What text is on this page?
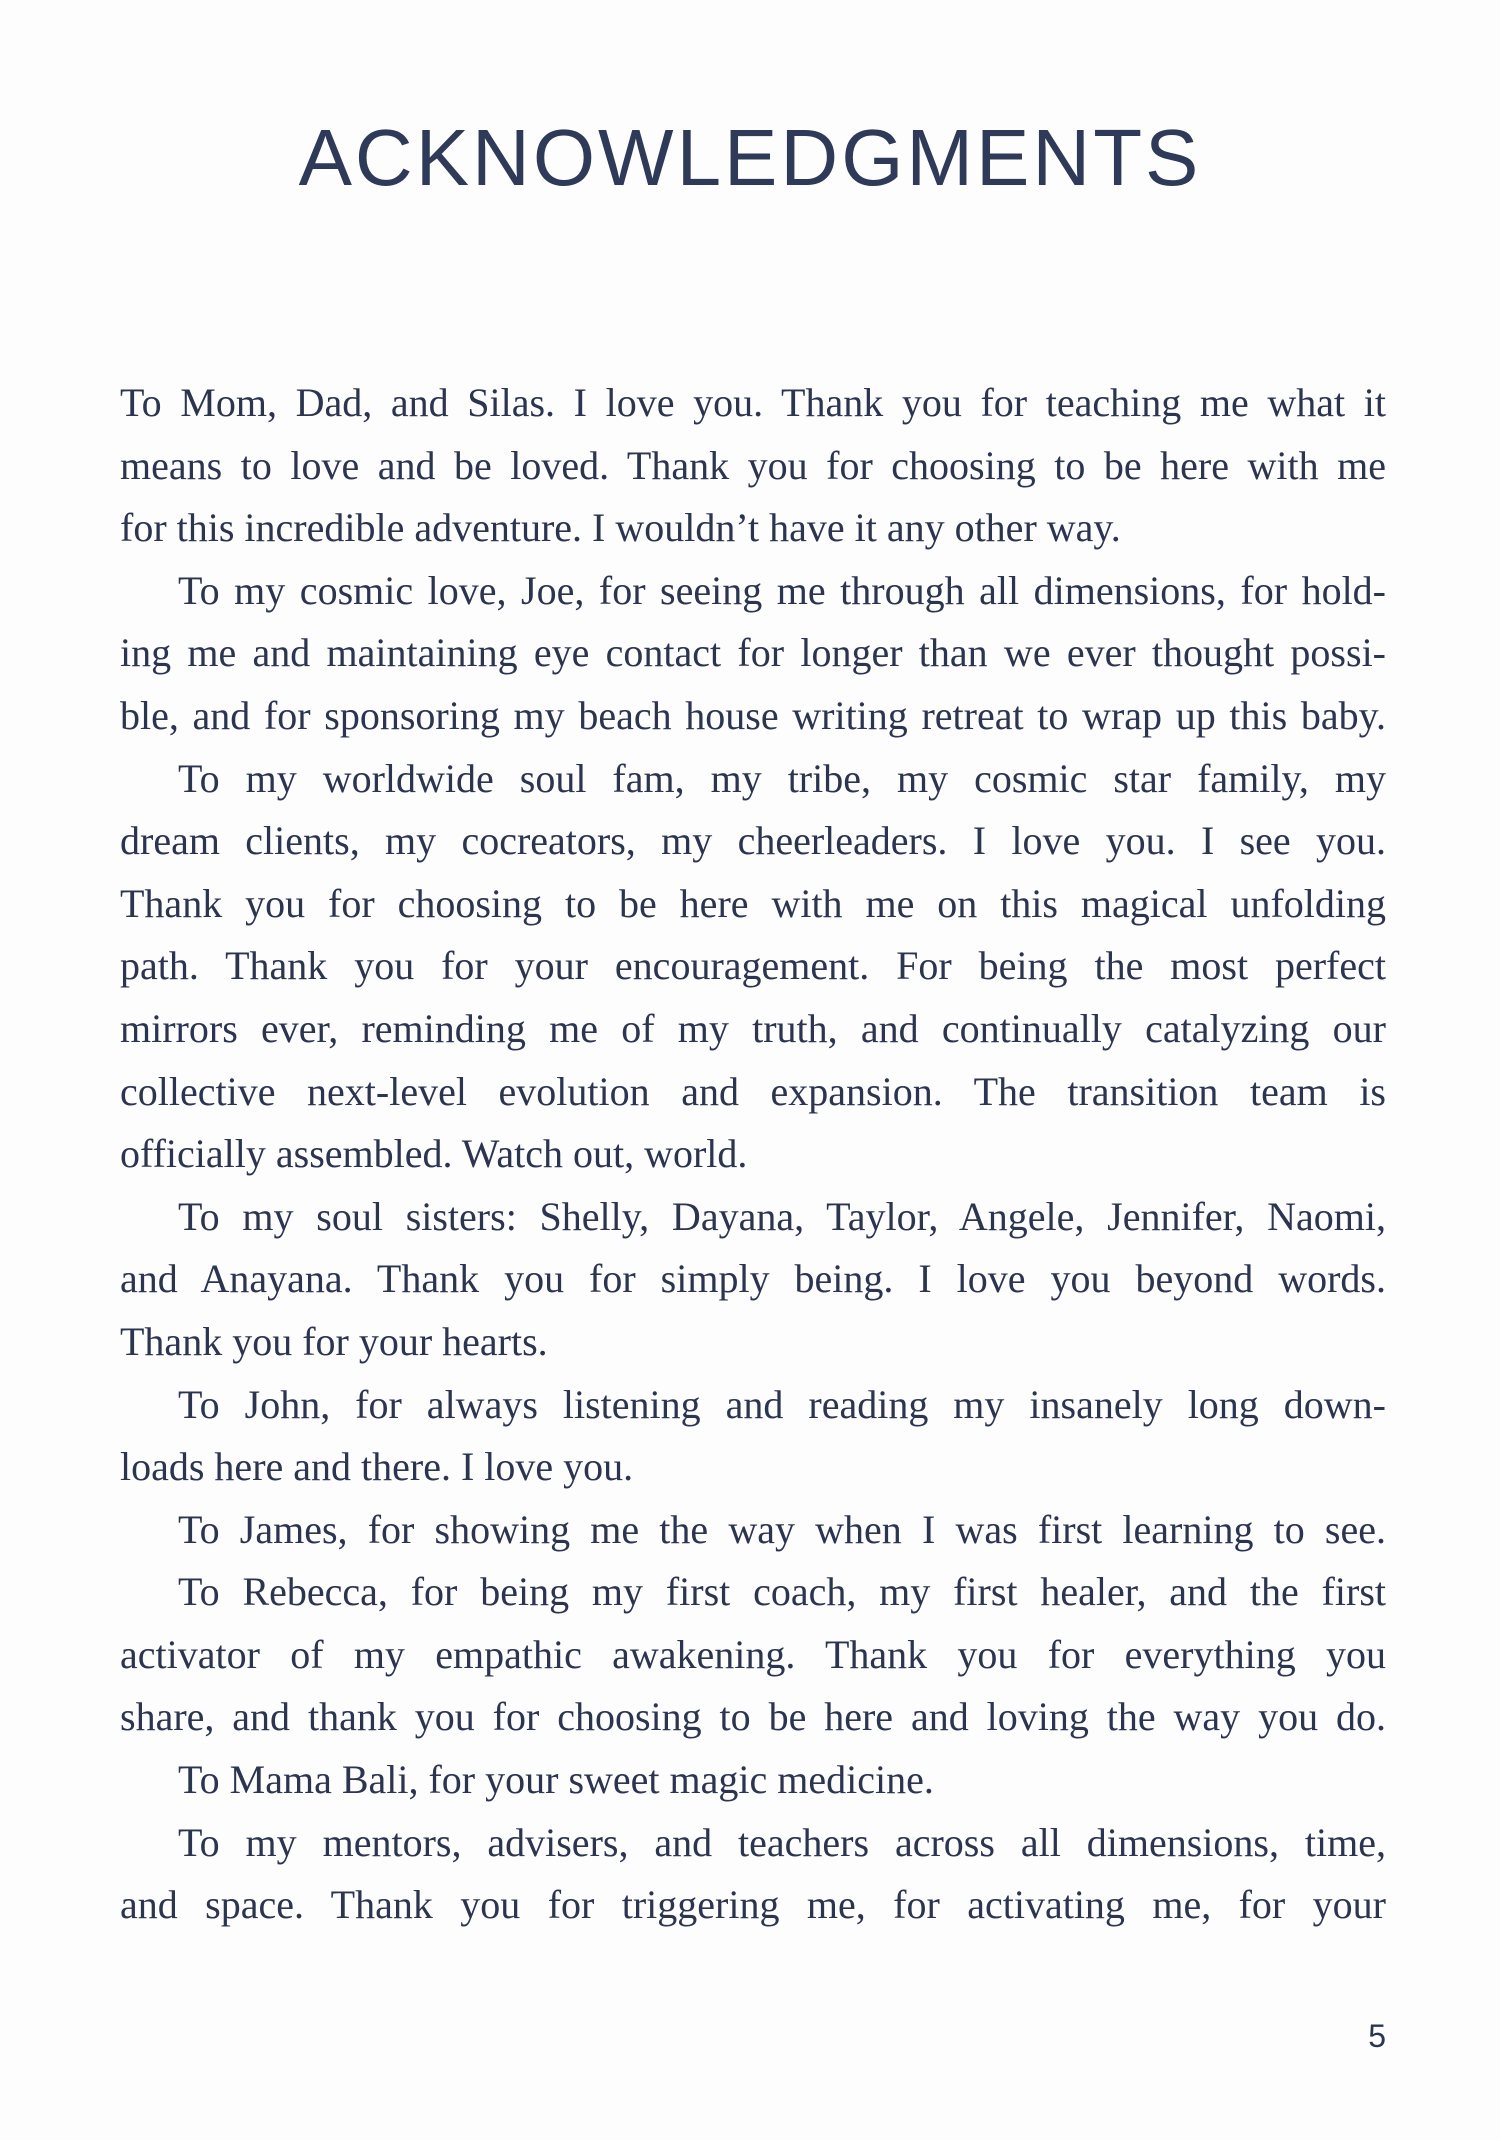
ACKNOWLEDGMENTS
To Mom, Dad, and Silas. I love you. Thank you for teaching me what it
means to love and be loved. Thank you for choosing to be here with me
for this incredible adventure. I wouldn’t have it any other way.
To my cosmic love, Joe, for seeing me through all dimensions, for hold-
ing me and maintaining eye contact for longer than we ever thought possi-
ble, and for sponsoring my beach house writing retreat to wrap up this baby.
To my worldwide soul fam, my tribe, my cosmic star family, my
dream clients, my cocreators, my cheerleaders. I love you. I see you.
Thank you for choosing to be here with me on this magical unfolding
path. Thank you for your encouragement. For being the most perfect
mirrors ever, reminding me of my truth, and continually catalyzing our
collective next-level evolution and expansion. The transition team is
officially assembled. Watch out, world.
To my soul sisters: Shelly, Dayana, Taylor, Angele, Jennifer, Naomi,
and Anayana. Thank you for simply being. I love you beyond words.
Thank you for your hearts.
To John, for always listening and reading my insanely long down-
loads here and there. I love you.
To James, for showing me the way when I was first learning to see.
To Rebecca, for being my first coach, my first healer, and the first
activator of my empathic awakening. Thank you for everything you
share, and thank you for choosing to be here and loving the way you do.
To Mama Bali, for your sweet magic medicine.
To my mentors, advisers, and teachers across all dimensions, time,
and space. Thank you for triggering me, for activating me, for your
5
